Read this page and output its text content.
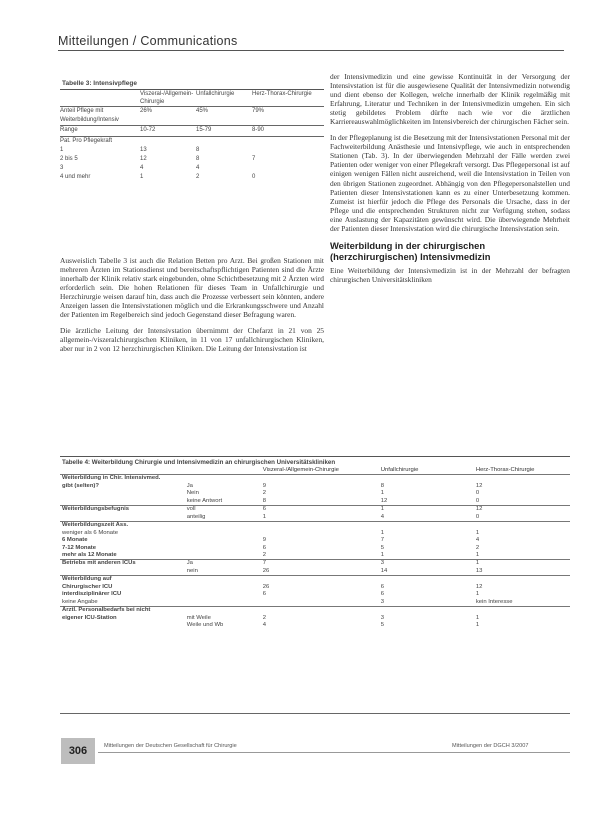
Mitteilungen / Communications
Tabelle 3: Intensivpflege
	Viszeral-/Allgemein-Chirurgie	Unfallchirurgie	Herz-Thorax-Chirurgie
Anteil Pflege mit Weiterbildung/Intensiv	26%	45%	79%
Range	10-72	15-79	8-90
Pat. Pro Pflegekraft			
1	13	8	
2 bis 5	12	8	7
3	4	4	
4 und mehr	1	2	0

Ausweislich Tabelle 3 ist auch die Relation Betten pro Arzt. Bei großen Stationen mit mehreren Ärzten im Stationsdienst und bereitschaftspflichtigen Patienten sind die Ärzte innerhalb der Klinik relativ stark eingebunden, ohne Schichtbesetzung mit 2 Ärzten wird erforderlich sein. Die hohen Relationen für dieses Team in Unfallchirurgie und Herzchirurgie weisen darauf hin, dass auch die Prozesse verbessert sein könnten, andere Anzeigen lassen die Intensivstationen möglich und die Erkrankungsschwere und Anzahl der Patienten im Regelbereich sind jedoch Gegenstand dieser Befragung waren.

Die ärztliche Leitung der Intensivstation übernimmt der Chefarzt in 21 von 25 allgemein-/viszeralchirurgischen Kliniken, in 11 von 17 unfallchirurgischen Kliniken, aber nur in 2 von 12 herzchirurgischen Kliniken. Die Leitung der Intensivstation ist

der Intensivmedizin und eine gewisse Kontinuität in der Versorgung der Intensivstation ist für die ausgewiesene Qualität der Intensivmedizin notwendig und dient ebenso der Kollegen, welche innerhalb der Klinik regelmäßig mit Erfahrung, Literatur und Techniken in der Intensivmedizin umgehen. Ein sich stetig gebildetes Problem dürfte nach wie vor die ärztlichen Karriereauswahlmöglichkeiten im Intensivbereich der chirurgischen Fächer sein.

In der Pflegeplanung ist die Besetzung mit der Intensivstationen Personal mit der Fachweiterbildung Anästhesie und Intensivpflege, wie auch in entsprechenden Stationen (Tab. 3). In der überwiegenden Mehrzahl der Fälle werden zwei Patienten oder weniger von einer Pflegekraft versorgt. Das Pflegepersonal ist auf einigen wenigen Fällen nicht ausreichend, weil die Intensivstation in Teilen von den übrigen Stationen zugeordnet. Abhängig von den Pflegepersonalstellen und Patienten dieser Intensivstationen kann es zu einer Unterbesetzung kommen. Zumeist ist hierfür jedoch die Pflege des Personals die Ursache, dass in der Pflege und die entsprechenden Strukturen nicht zur Verfügung stehen, sodass eine Auslastung der Kapazitäten gewünscht wird. Die überwiegende Mehrheit der Patienten dieser Intensivstation wird die chirurgische Intensivstation sein.

Weiterbildung in der chirurgischen (herzchirurgischen) Intensivmedizin

Eine Weiterbildung der Intensivmedizin ist in der Mehrzahl der befragten chirurgischen Universitätskliniken

Tabelle 4: Weiterbildung Chirurgie und Intensivmedizin an chirurgischen Universitätskliniken
		Viszeral-/Allgemein-Chirurgie	Unfallchirurgie	Herz-Thorax-Chirurgie
Weiterbildung in Chir. Intensivmed.				
gibt (selten)?	Ja	9	8	12
	Nein	2	1	0
	keine Antwort	8	12	0
Weiterbildungsbefugnis	voll	6	1	12
	anteilig	1	4	0
Weiterbildungszeit Ass.				
weniger als 6 Monate			1	1
6 Monate		9	7	4
7-12 Monate		6	5	2
mehr als 12 Monate		2	1	1
Betriebs mit anderen ICUs	Ja	7	3	1
	nein	26	14	13
Weiterbildung auf				
Chirurgischer ICU		26	6	12
interdisziplinärer ICU		6	6	1
keine Angabe			3	kein Interesse
Ärztl. Personalbedarfs bei nicht				
eigener ICU-Station	mit Weile	2	3	1
	Weile und Wb	4	5	1
306	Mitteilungen der Deutschen Gesellschaft für Chirurgie	Mitteilungen der DGCH 3/2007
